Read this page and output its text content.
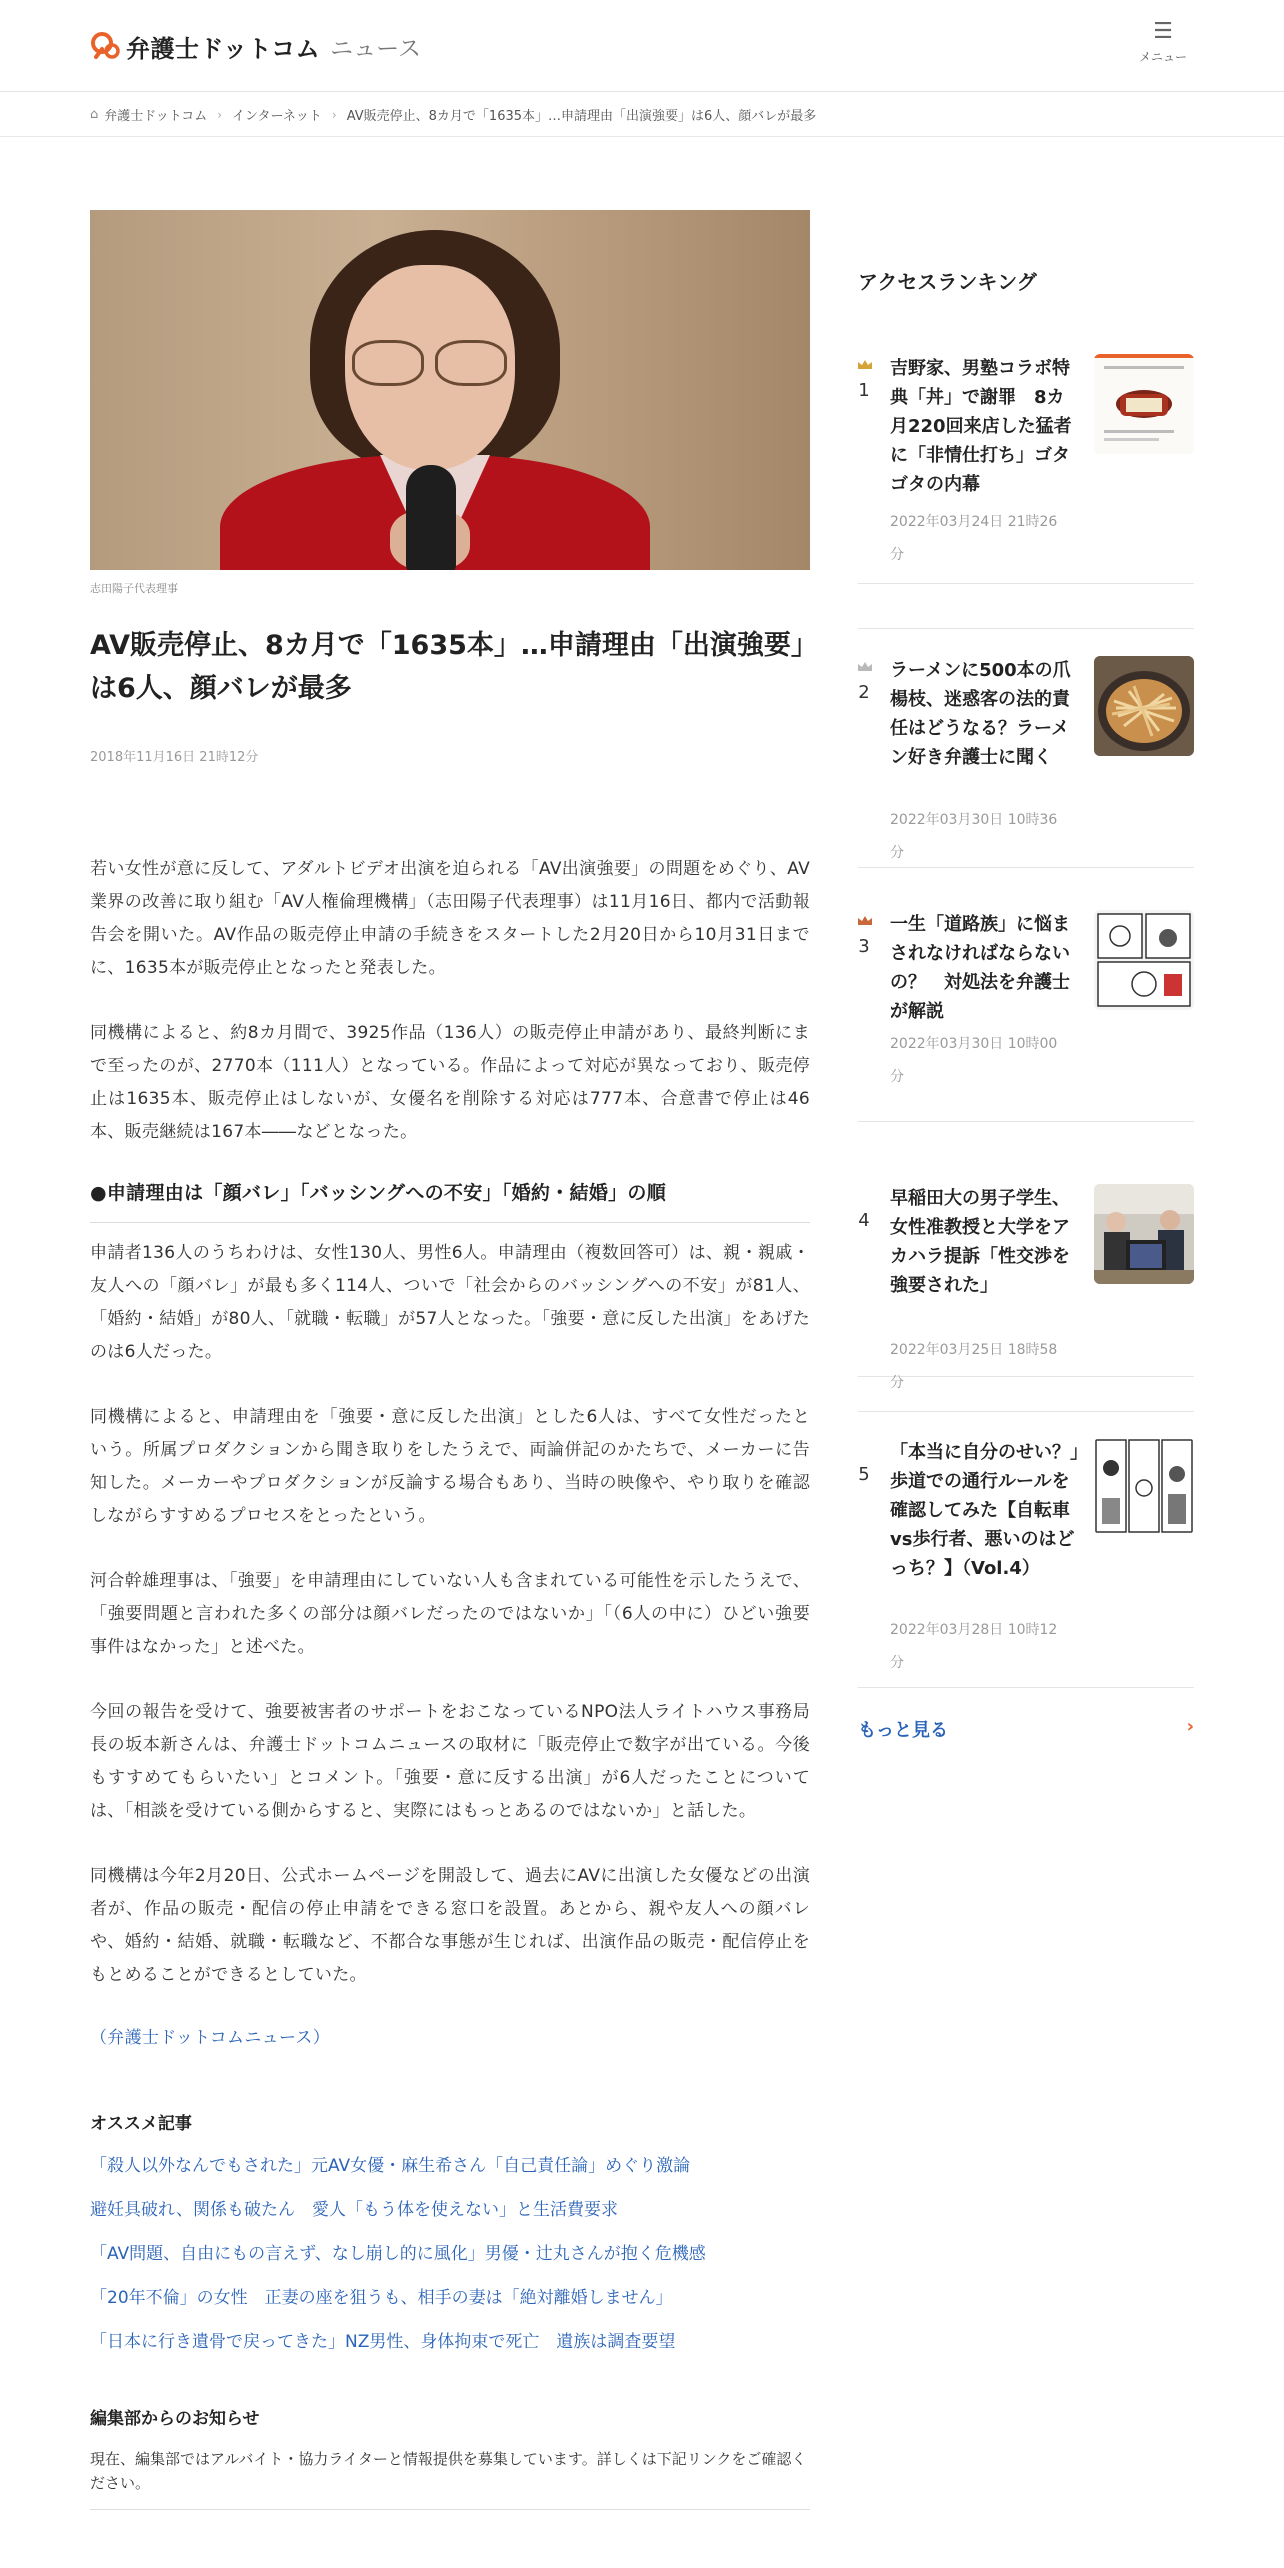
弁護士ドットコム ニュース
☰
メニュー
⌂ 弁護士ドットコム › インターネット › AV販売停止、8カ月で「1635本」…申請理由「出演強要」は6人、顔バレが最多
志田陽子代表理事
AV販売停止、8カ月で「1635本」…申請理由「出演強要」は6人、顔バレが最多
2018年11月16日 21時12分

若い女性が意に反して、アダルトビデオ出演を迫られる「AV出演強要」の問題をめぐり、AV業界の改善に取り組む「AV人権倫理機構」（志田陽子代表理事）は11月16日、都内で活動報告会を開いた。AV作品の販売停止申請の手続きをスタートした2月20日から10月31日までに、1635本が販売停止となったと発表した。

同機構によると、約8カ月間で、3925作品（136人）の販売停止申請があり、最終判断にまで至ったのが、2770本（111人）となっている。作品によって対応が異なっており、販売停止は1635本、販売停止はしないが、女優名を削除する対応は777本、合意書で停止は46本、販売継続は167本――などとなった。

●申請理由は「顔バレ」「バッシングへの不安」「婚約・結婚」の順

申請者136人のうちわけは、女性130人、男性6人。申請理由（複数回答可）は、親・親戚・友人への「顔バレ」が最も多く114人、ついで「社会からのバッシングへの不安」が81人、「婚約・結婚」が80人、「就職・転職」が57人となった。「強要・意に反した出演」をあげたのは6人だった。

同機構によると、申請理由を「強要・意に反した出演」とした6人は、すべて女性だったという。所属プロダクションから聞き取りをしたうえで、両論併記のかたちで、メーカーに告知した。メーカーやプロダクションが反論する場合もあり、当時の映像や、やり取りを確認しながらすすめるプロセスをとったという。

河合幹雄理事は、「強要」を申請理由にしていない人も含まれている可能性を示したうえで、「強要問題と言われた多くの部分は顔バレだったのではないか」「（6人の中に）ひどい強要事件はなかった」と述べた。

今回の報告を受けて、強要被害者のサポートをおこなっているNPO法人ライトハウス事務局長の坂本新さんは、弁護士ドットコムニュースの取材に「販売停止で数字が出ている。今後もすすめてもらいたい」とコメント。「強要・意に反する出演」が6人だったことについては、「相談を受けている側からすると、実際にはもっとあるのではないか」と話した。

同機構は今年2月20日、公式ホームページを開設して、過去にAVに出演した女優などの出演者が、作品の販売・配信の停止申請をできる窓口を設置。あとから、親や友人への顔バレや、婚約・結婚、就職・転職など、不都合な事態が生じれば、出演作品の販売・配信停止をもとめることができるとしていた。

（弁護士ドットコムニュース）
オススメ記事
「殺人以外なんでもされた」元AV女優・麻生希さん「自己責任論」めぐり激論
避妊具破れ、関係も破たん　愛人「もう体を使えない」と生活費要求
「AV問題、自由にもの言えず、なし崩し的に風化」男優・辻丸さんが抱く危機感
「20年不倫」の女性　正妻の座を狙うも、相手の妻は「絶対離婚しません」
「日本に行き遺骨で戻ってきた」NZ男性、身体拘束で死亡　遺族は調査要望
編集部からのお知らせ
現在、編集部ではアルバイト・協力ライターと情報提供を募集しています。詳しくは下記リンクをご確認ください。
アクセスランキング
1
吉野家、男塾コラボ特典「丼」で謝罪　8カ月220回来店した猛者に「非情仕打ち」ゴタゴタの内幕
2022年03月24日 21時26分
2
ラーメンに500本の爪楊枝、迷惑客の法的責任はどうなる？ラーメン好き弁護士に聞く
2022年03月30日 10時36分
3
一生「道路族」に悩まされなければならないの？　対処法を弁護士が解説
2022年03月30日 10時00分
4
早稲田大の男子学生、女性准教授と大学をアカハラ提訴「性交渉を強要された」
2022年03月25日 18時58分
5
「本当に自分のせい？」歩道での通行ルールを確認してみた【自転車vs歩行者、悪いのはどっち？】（Vol.4）
2022年03月28日 10時12分
もっと見る	›
